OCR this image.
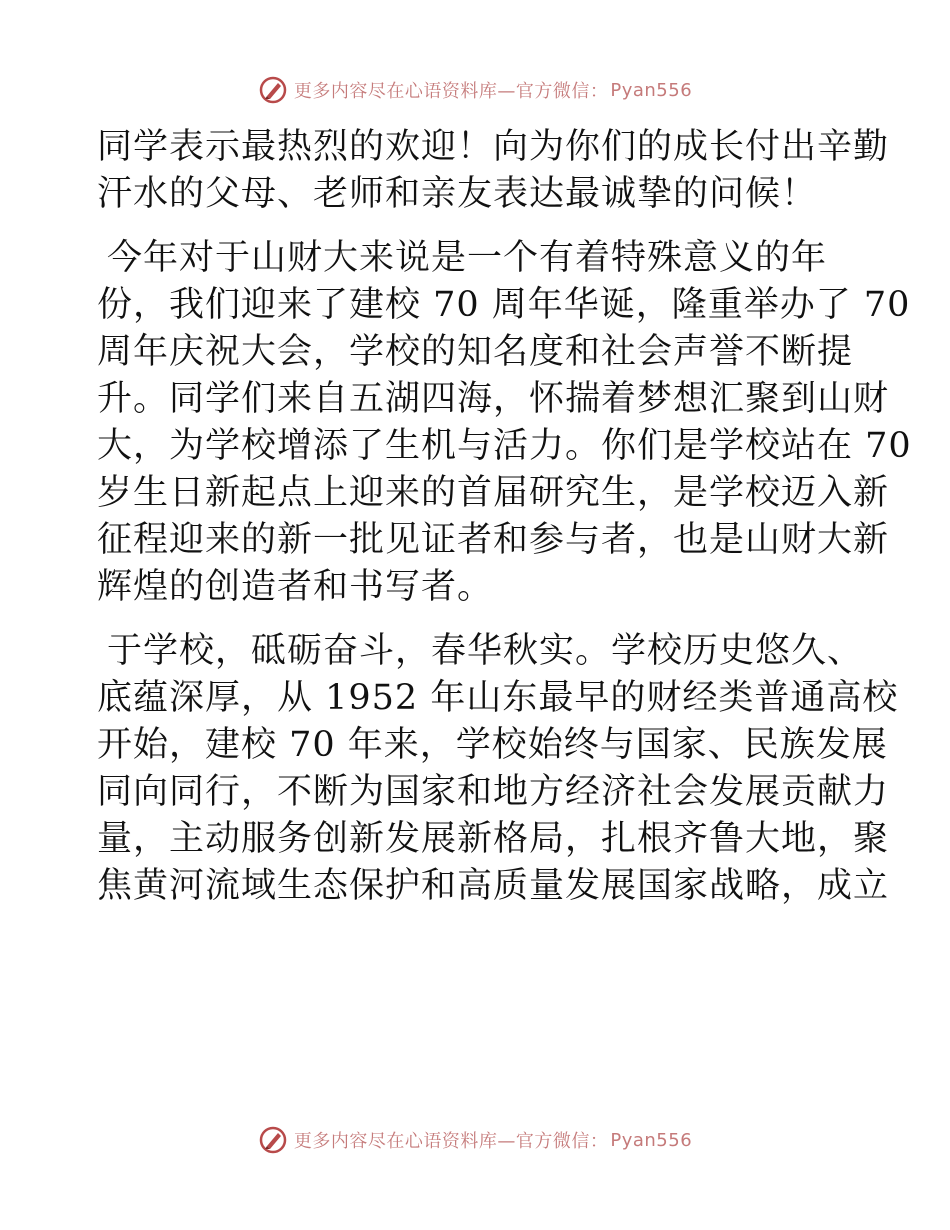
更多内容尽在心语资料库—官方微信： Pyan556
同学表示最热烈的欢迎！向为你们的成长付出辛勤
汗水的父母、老师和亲友表达最诚挚的问候！
今年对于山财大来说是一个有着特殊意义的年
份，我们迎来了建校 70 周年华诞，隆重举办了 70
周年庆祝大会，学校的知名度和社会声誉不断提
升。同学们来自五湖四海，怀揣着梦想汇聚到山财
大，为学校增添了生机与活力。你们是学校站在 70
岁生日新起点上迎来的首届研究生，是学校迈入新
征程迎来的新一批见证者和参与者，也是山财大新
辉煌的创造者和书写者。
于学校，砥砺奋斗，春华秋实。学校历史悠久、
底蕴深厚，从 1952 年山东最早的财经类普通高校
开始，建校 70 年来，学校始终与国家、民族发展
同向同行，不断为国家和地方经济社会发展贡献力
量，主动服务创新发展新格局，扎根齐鲁大地，聚
焦黄河流域生态保护和高质量发展国家战略，成立
更多内容尽在心语资料库—官方微信： Pyan556
